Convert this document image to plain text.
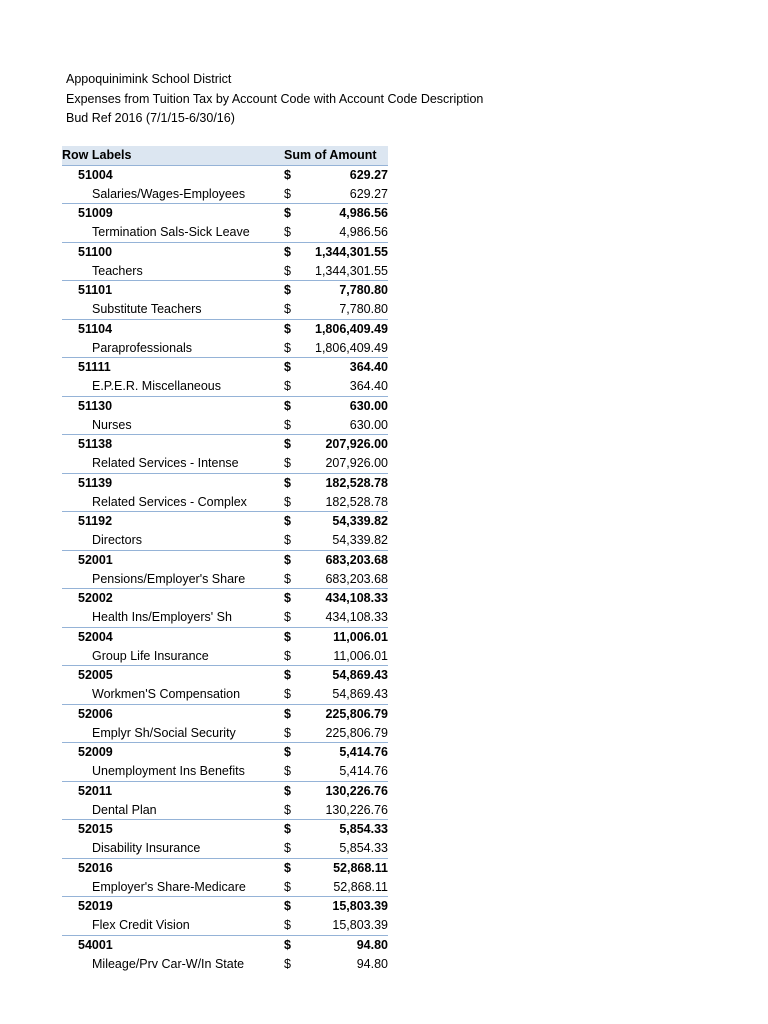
Appoquinimink School District
Expenses from Tuition Tax by Account Code with Account Code Description
Bud Ref 2016 (7/1/15-6/30/16)
Row Labels	Sum of Amount	
51004	$	629.27
Salaries/Wages-Employees	$	629.27
51009	$	4,986.56
Termination Sals-Sick Leave	$	4,986.56
51100	$	1,344,301.55
Teachers	$	1,344,301.55
51101	$	7,780.80
Substitute Teachers	$	7,780.80
51104	$	1,806,409.49
Paraprofessionals	$	1,806,409.49
51111	$	364.40
E.P.E.R. Miscellaneous	$	364.40
51130	$	630.00
Nurses	$	630.00
51138	$	207,926.00
Related Services - Intense	$	207,926.00
51139	$	182,528.78
Related Services - Complex	$	182,528.78
51192	$	54,339.82
Directors	$	54,339.82
52001	$	683,203.68
Pensions/Employer's Share	$	683,203.68
52002	$	434,108.33
Health Ins/Employers' Sh	$	434,108.33
52004	$	11,006.01
Group Life Insurance	$	11,006.01
52005	$	54,869.43
Workmen'S Compensation	$	54,869.43
52006	$	225,806.79
Emplyr Sh/Social Security	$	225,806.79
52009	$	5,414.76
Unemployment Ins Benefits	$	5,414.76
52011	$	130,226.76
Dental Plan	$	130,226.76
52015	$	5,854.33
Disability Insurance	$	5,854.33
52016	$	52,868.11
Employer's Share-Medicare	$	52,868.11
52019	$	15,803.39
Flex Credit Vision	$	15,803.39
54001	$	94.80
Mileage/Prv Car-W/In State	$	94.80
